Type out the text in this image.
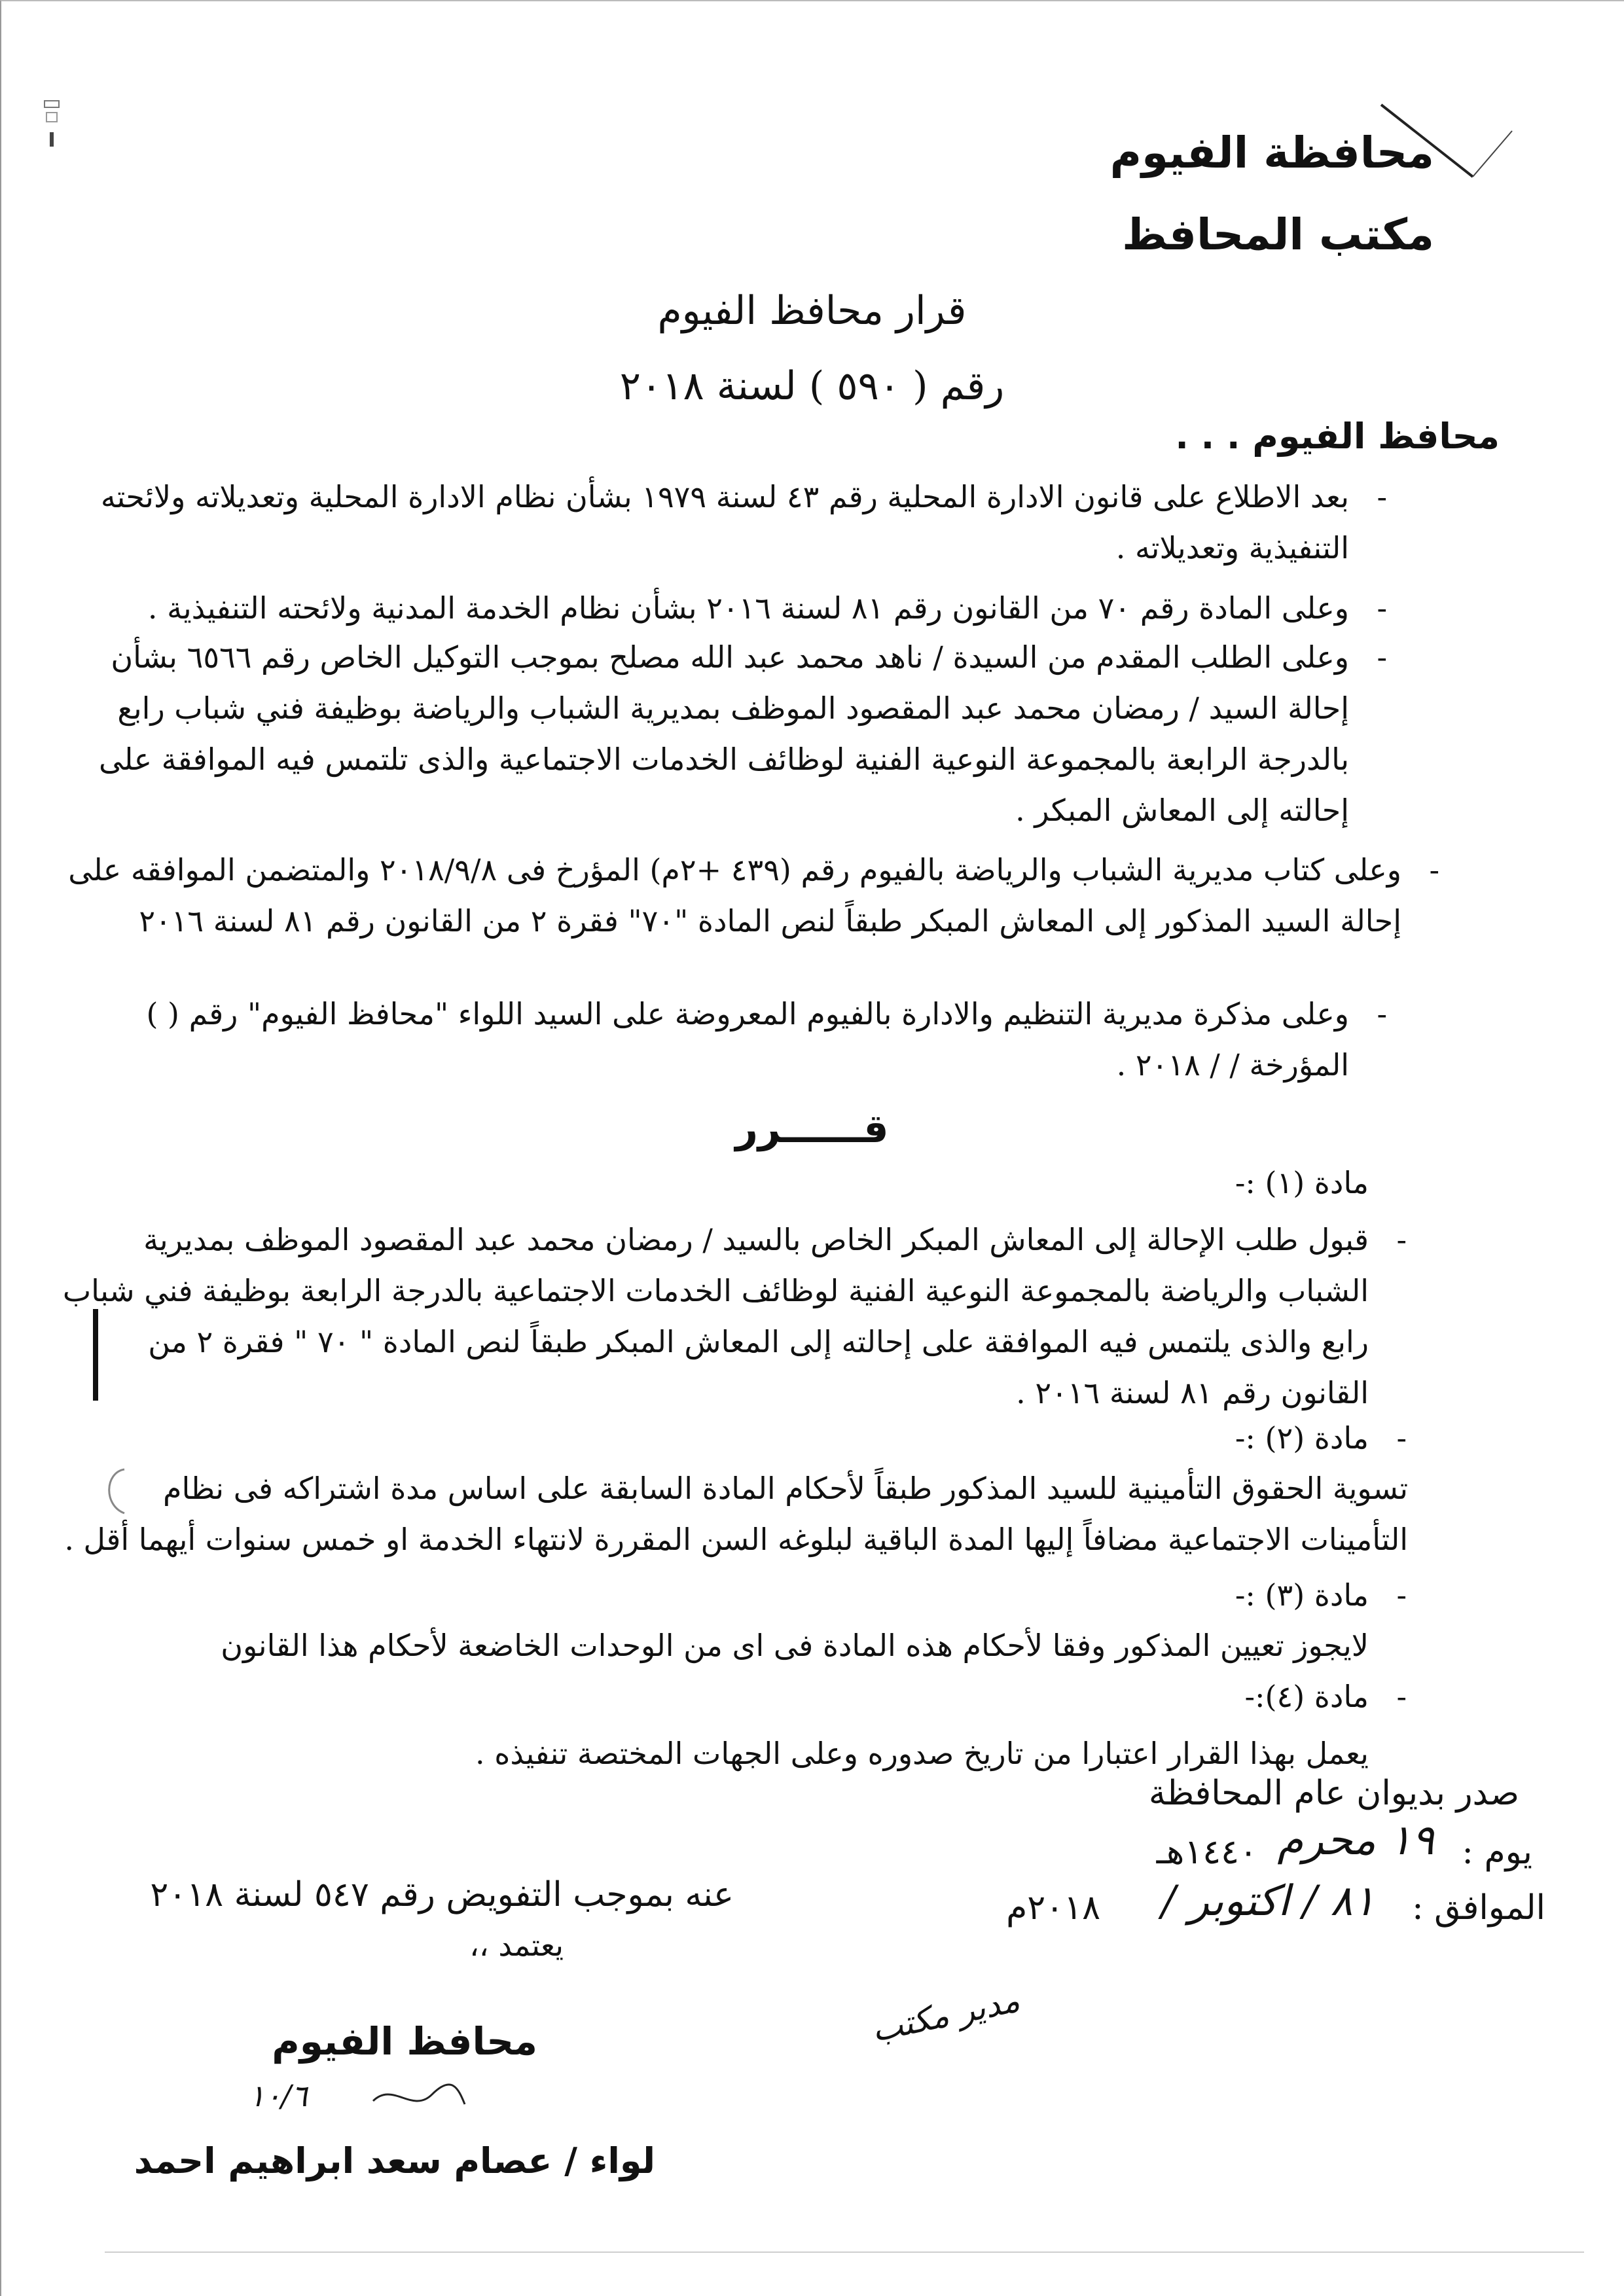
محافظة الفيوم
مكتب المحافظ
قرار محافظ الفيوم
رقم ( ٥٩٠ ) لسنة ٢٠١٨
محافظ الفيوم . . .
-
بعد الاطلاع على قانون الادارة المحلية رقم ٤٣ لسنة ١٩٧٩ بشأن نظام الادارة المحلية وتعديلاته ولائحته التنفيذية وتعديلاته .
-
وعلى المادة رقم ٧٠ من القانون رقم ٨١ لسنة ٢٠١٦ بشأن نظام الخدمة المدنية ولائحته التنفيذية .
-
وعلى الطلب المقدم من السيدة / ناهد محمد عبد الله مصلح بموجب التوكيل الخاص رقم ٦٥٦٦ بشأن إحالة السيد / رمضان محمد عبد المقصود الموظف بمديرية الشباب والرياضة بوظيفة فني شباب رابع بالدرجة الرابعة بالمجموعة النوعية الفنية لوظائف الخدمات الاجتماعية والذى تلتمس فيه الموافقة على إحالته إلى المعاش المبكر .
-
وعلى كتاب مديرية الشباب والرياضة بالفيوم رقم (٤٣٩ +٢م) المؤرخ فى ٢٠١٨/٩/٨ والمتضمن الموافقه على إحالة السيد المذكور إلى المعاش المبكر طبقاً لنص المادة "٧٠" فقرة ٢ من القانون رقم ٨١ لسنة ٢٠١٦
-
وعلى مذكرة مديرية التنظيم والادارة بالفيوم المعروضة على السيد اللواء "محافظ الفيوم" رقم ( ) المؤرخة / / ٢٠١٨ .
قــــــرر
مادة (١) :-
-
قبول طلب الإحالة إلى المعاش المبكر الخاص بالسيد / رمضان محمد عبد المقصود الموظف بمديرية الشباب والرياضة بالمجموعة النوعية الفنية لوظائف الخدمات الاجتماعية بالدرجة الرابعة بوظيفة فني شباب رابع والذى يلتمس فيه الموافقة على إحالته إلى المعاش المبكر طبقاً لنص المادة " ٧٠ " فقرة ٢ من القانون رقم ٨١ لسنة ٢٠١٦ .
-
مادة (٢) :-
تسوية الحقوق التأمينية للسيد المذكور طبقاً لأحكام المادة السابقة على اساس مدة اشتراكه فى نظام التأمينات الاجتماعية مضافاً إليها المدة الباقية لبلوغه السن المقررة لانتهاء الخدمة او خمس سنوات أيهما أقل .
-
مادة (٣) :-
لايجوز تعيين المذكور وفقا لأحكام هذه المادة فى اى من الوحدات الخاضعة لأحكام هذا القانون
-
مادة (٤):-
يعمل بهذا القرار اعتبارا من تاريخ صدوره وعلى الجهات المختصة تنفيذه .
صدر بديوان عام المحافظة
يوم :
١٩ محرم
١٤٤٠هـ
الموافق :
٨١ / اكتوبر /
٢٠١٨م
عنه بموجب التفويض رقم ٥٤٧ لسنة ٢٠١٨
يعتمد ،،
مدير مكتب
محافظ الفيوم
١٠/٦
لواء / عصام سعد ابراهيم احمد
